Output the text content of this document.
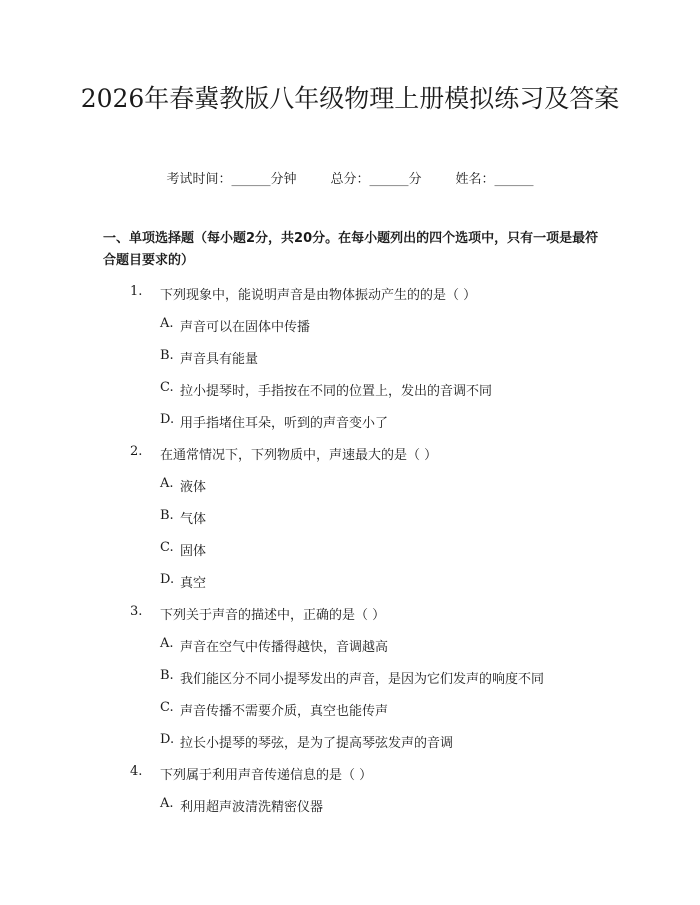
2026年春冀教版八年级物理上册模拟练习及答案
考试时间：______分钟	总分：______分	姓名：______
一、单项选择题（每小题2分，共20分。在每小题列出的四个选项中，只有一项是最符合题目要求的）
1. 下列现象中，能说明声音是由物体振动产生的的是（ ）
A. 声音可以在固体中传播
B. 声音具有能量
C. 拉小提琴时，手指按在不同的位置上，发出的音调不同
D. 用手指堵住耳朵，听到的声音变小了
2. 在通常情况下，下列物质中，声速最大的是（ ）
A. 液体
B. 气体
C. 固体
D. 真空
3. 下列关于声音的描述中，正确的是（ ）
A. 声音在空气中传播得越快，音调越高
B. 我们能区分不同小提琴发出的声音，是因为它们发声的响度不同
C. 声音传播不需要介质，真空也能传声
D. 拉长小提琴的琴弦，是为了提高琴弦发声的音调
4. 下列属于利用声音传递信息的是（ ）
A. 利用超声波清洗精密仪器
